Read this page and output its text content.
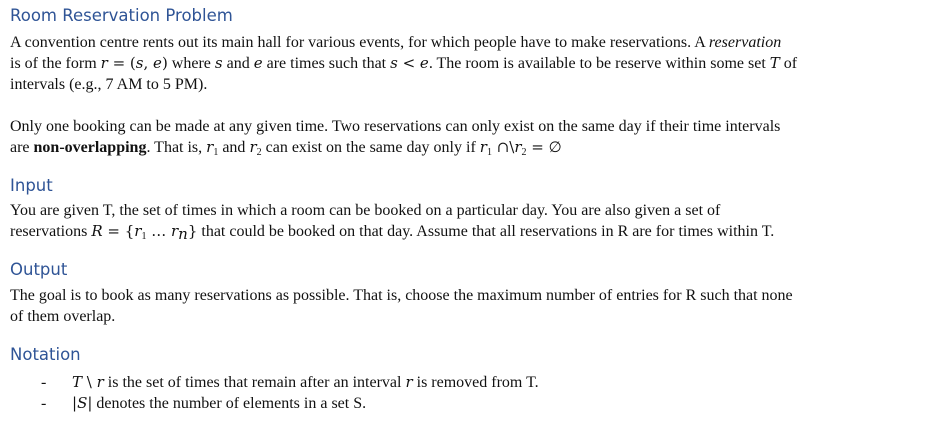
Room Reservation Problem

A convention centre rents out its main hall for various events, for which people have to make reservations. A reservation

is of the form r = (s, e) where s and e are times such that s < e. The room is available to be reserve within some set T of

intervals (e.g., 7 AM to 5 PM).

Only one booking can be made at any given time. Two reservations can only exist on the same day if their time intervals

are non-overlapping. That is, $r_1$ and $r_2$ can exist on the same day only if $r_1$ $\cap\backslash r_2$ = ∅

Input

You are given T, the set of times in which a room can be booked on a particular day. You are also given a set of

reservations $R = \{r_1$ … $r_n$} that could be booked on that day. Assume that all reservations in R are for times within T.

Output

The goal is to book as many reservations as possible. That is, choose the maximum number of entries for R such that none

of them overlap.

Notation
- T \ r is the set of times that remain after an interval r is removed from T.
- |S| denotes the number of elements in a set S.
